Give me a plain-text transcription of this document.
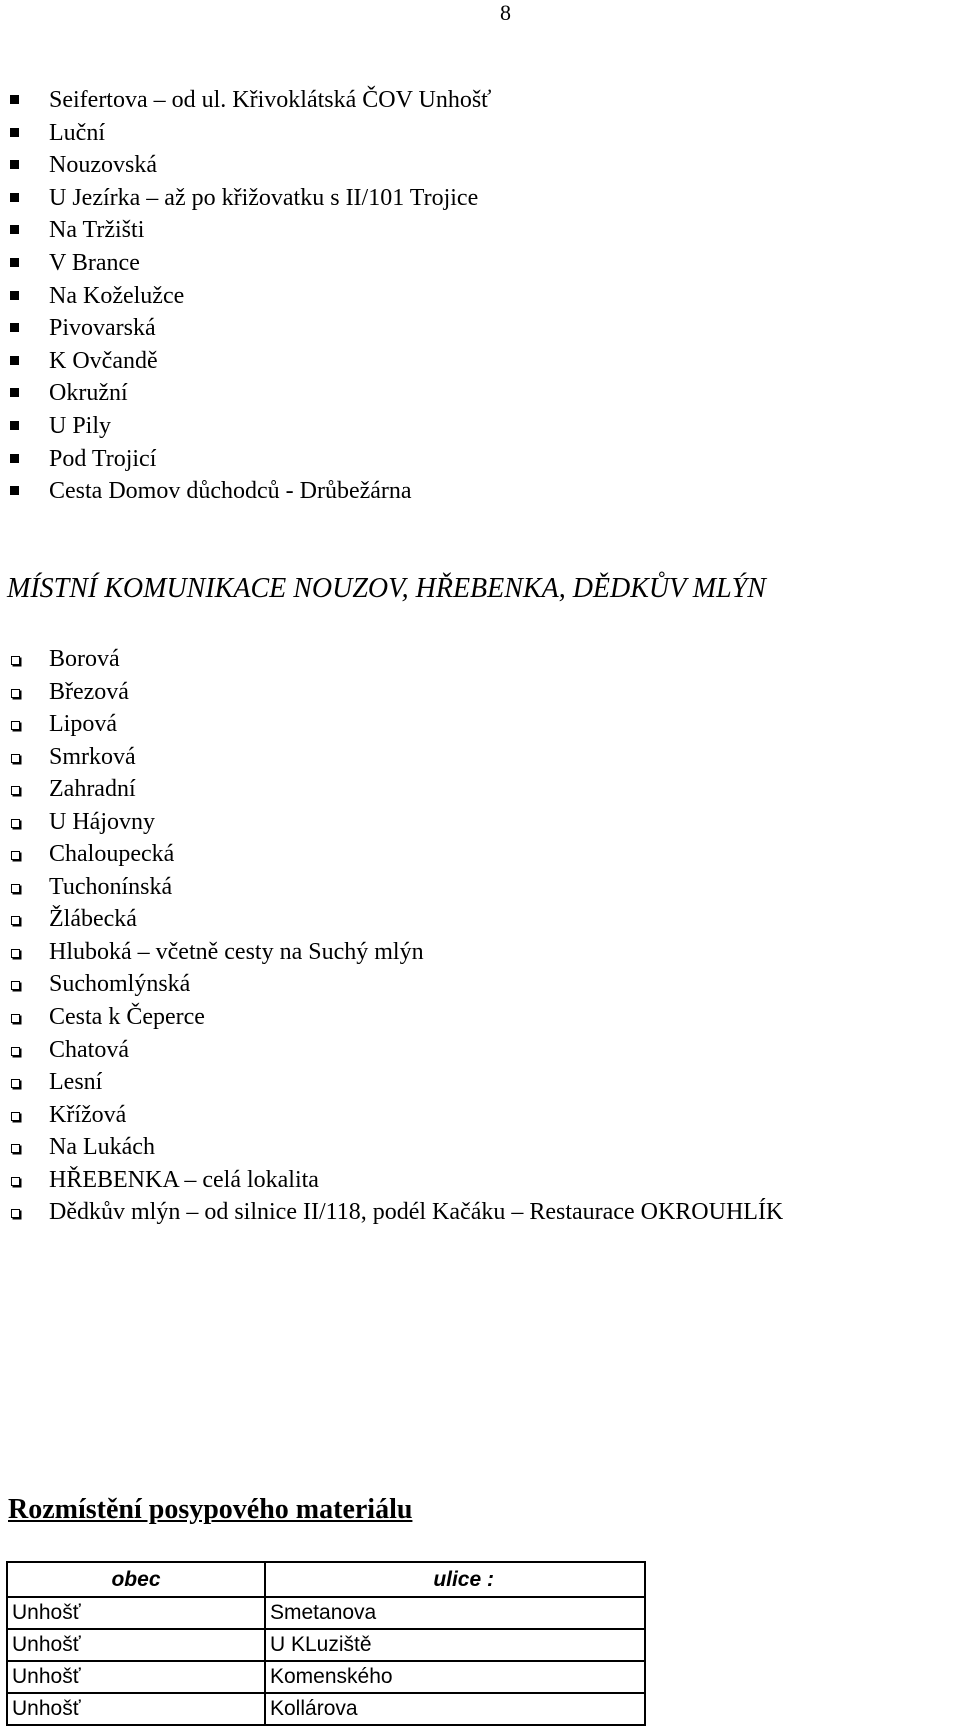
8
Seifertova – od ul. Křivoklátská ČOV Unhošť
Luční
Nouzovská
U Jezírka – až po křižovatku s II/101 Trojice
Na Tržišti
V Brance
Na Koželužce
Pivovarská
K Ovčandě
Okružní
U Pily
Pod Trojicí
Cesta Domov důchodců - Drůbežárna
MÍSTNÍ KOMUNIKACE NOUZOV, HŘEBENKA, DĚDKŮV MLÝN
Borová
Březová
Lipová
Smrková
Zahradní
U Hájovny
Chaloupecká
Tuchonínská
Žlábecká
Hluboká – včetně cesty na Suchý mlýn
Suchomlýnská
Cesta k Čeperce
Chatová
Lesní
Křížová
Na Lukách
HŘEBENKA – celá lokalita
Dědkův mlýn – od silnice II/118, podél Kačáku – Restaurace OKROUHLÍK
Rozmístění posypového materiálu
obec	ulice :
Unhošť	Smetanova
Unhošť	U KLuziště
Unhošť	Komenského
Unhošť	Kollárova
